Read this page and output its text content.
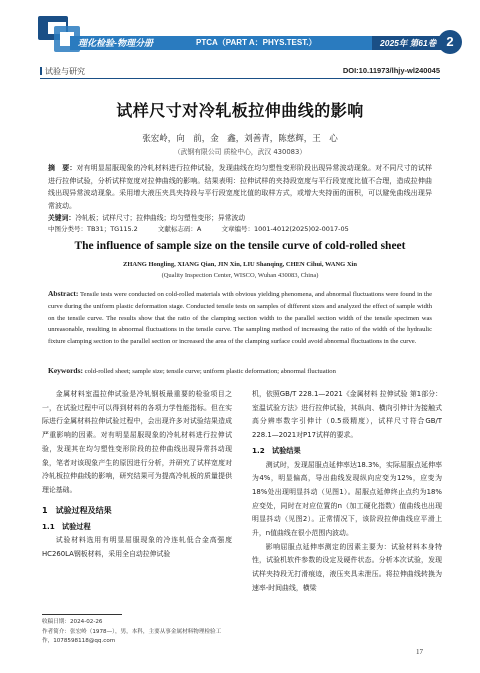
理化检验-物理分册	PTCA（PART A：PHYS.TEST.）	2025年 第61卷 2
试验与研究	DOI:10.11973/lhjy-wl240045
试样尺寸对冷轧板拉伸曲线的影响
张宏岭，向　前，金　鑫，刘善青，陈慈辉，王　心
（武钢有限公司 质检中心，武汉 430083）
摘　要：对有明显屈服现象的冷轧材料进行拉伸试验，发现曲线在均匀塑性变形阶段出现异常波动现象。对不同尺寸的试样进行拉伸试验，分析试样宽度对拉伸曲线的影响。结果表明：拉伸试样的夹持段宽度与平行段宽度比值不合理，造成拉伸曲线出现异常波动现象。采用增大液压夹具夹持段与平行段宽度比值的取样方式，或增大夹持面的面积，可以避免曲线出现异常波动。
关键词：冷轧板；试样尺寸；拉伸曲线；均匀塑性变形；异常波动
中图分类号：TB31；TG115.2	文献标志码：A	文章编号：1001-4012(2025)02-0017-05
The influence of sample size on the tensile curve of cold-rolled sheet
ZHANG Hongling, XIANG Qian, JIN Xin, LIU Shanqing, CHEN Cihui, WANG Xin
(Quality Inspection Center, WISCO, Wuhan 430083, China)
Abstract: Tensile tests were conducted on cold-rolled materials with obvious yielding phenomena, and abnormal fluctuations were found in the curve during the uniform plastic deformation stage. Conducted tensile tests on samples of different sizes and analyzed the effect of sample width on the tensile curve. The results show that the ratio of the clamping section width to the parallel section width of the tensile specimen was unreasonable, resulting in abnormal fluctuations in the tensile curve. The sampling method of increasing the ratio of the width of the hydraulic fixture clamping section to the parallel section or increased the area of the clamping surface could avoid abnormal fluctuations in the curve.
Keywords: cold-rolled sheet; sample size; tensile curve; uniform plastic deformation; abnormal fluctuation

金属材料室温拉伸试验是冷轧钢板最重要的检验项目之一，在试验过程中可以得到材料的各项力学性能指标。但在实际进行金属材料拉伸试验过程中，会出现许多对试验结果造成严重影响的因素。对有明显屈服现象的冷轧材料进行拉伸试验，发现其在均匀塑性变形阶段的拉伸曲线出现异常抖动现象，笔者对该现象产生的原因进行分析，并研究了试样宽度对冷轧板拉伸曲线的影响，研究结果可为提高冷轧板的质量提供理论基础。

1　试验过程及结果
1.1　试验过程

试验材料选用有明显屈服现象的冷连轧低合金高强度HC260LA钢板材料，采用全自动拉伸试验

机，依照GB/T 228.1—2021《金属材料 拉伸试验 第1部分：室温试验方法》进行拉伸试验，其纵向、横向引伸计为接触式高分辨率数字引伸计（0.5级精度），试样尺寸符合GB/T 228.1—2021对P17试样的要求。

1.2　试验结果

测试时，发现屈服点延伸率达18.3%，实际屈服点延伸率为4%，明显偏高，导出曲线发现纵向应变为12%，应变为18%处出现明显抖动（见图1）。屈服点延伸终止点约为18%应变处，同时在对应位置的n（加工硬化指数）值曲线也出现明显抖动（见图2）。正常情况下，该阶段拉伸曲线应平滑上升，n值曲线在很小范围内波动。

影响屈服点延伸率测定的因素主要为：试验材料本身特性，试验机软件参数的设定及硬件状态。分析本次试验，发现试样夹持段无打滑痕迹，液压夹具未泄压。将拉伸曲线转换为速率-时间曲线，横梁

收稿日期：2024-02-26
作者简介：张宏岭（1978—），男，本科，主要从事金属材料物理检验工作，1078598118@qq.com
17
